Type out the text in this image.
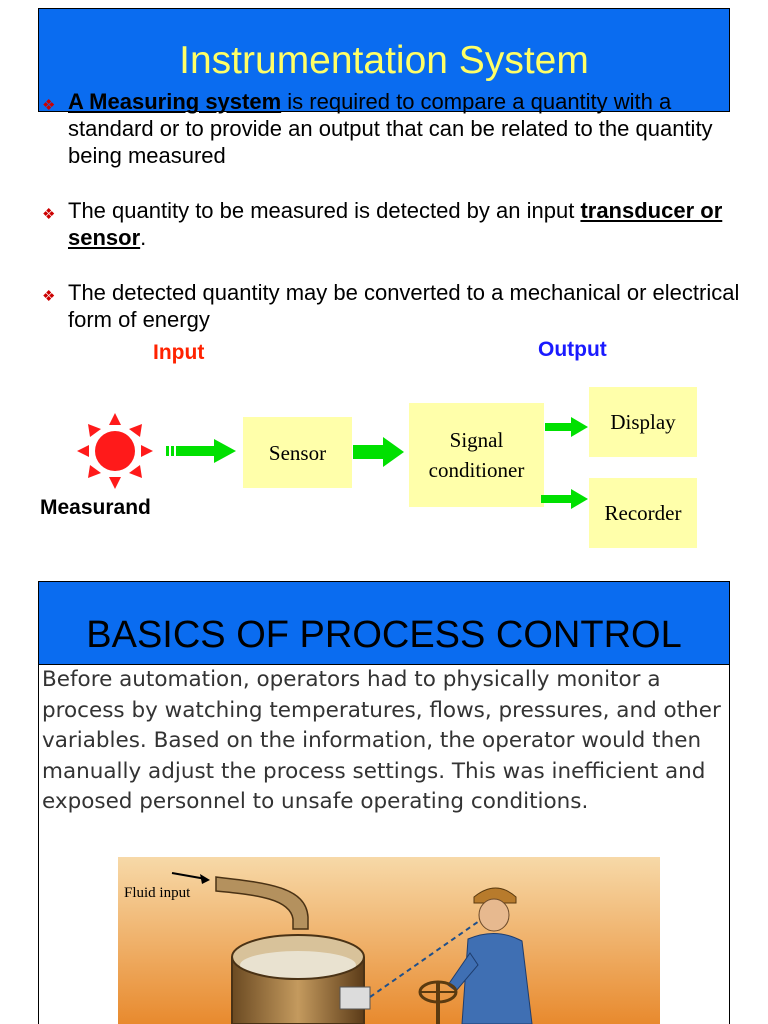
Instrumentation System
❖ A Measuring system is required to compare a quantity with a standard or to provide an output that can be related to the quantity being measured
❖ The quantity to be measured is detected by an input transducer or sensor.
❖ The detected quantity may be converted to a mechanical or electrical form of energy
Input	Output
Measurand
Sensor
Signal
conditioner
Display
Recorder
BASICS OF PROCESS CONTROL
Before automation, operators had to physically monitor a process by watching temperatures, flows, pressures, and other variables. Based on the information, the operator would then manually adjust the process settings. This was inefficient and exposed personnel to unsafe operating conditions.
Fluid input
